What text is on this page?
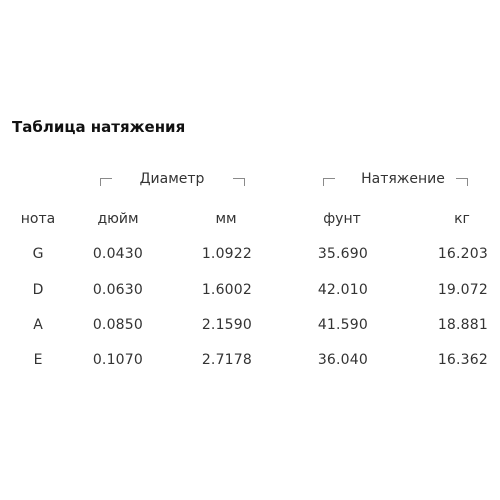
Таблица натяжения
Диаметр	Натяжение
нота	дюйм	мм	фунт	кг
G	0.0430	1.0922	35.690	16.203
D	0.0630	1.6002	42.010	19.072
A	0.0850	2.1590	41.590	18.881
E	0.1070	2.7178	36.040	16.362
